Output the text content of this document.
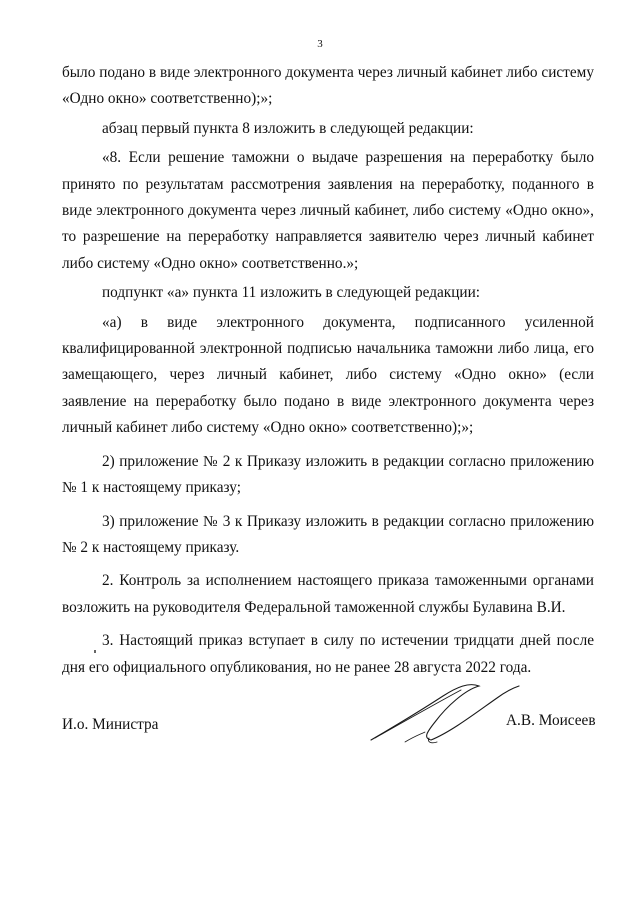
3

было подано в виде электронного документа через личный кабинет либо систему «Одно окно» соответственно);»;

абзац первый пункта 8 изложить в следующей редакции:

«8. Если решение таможни о выдаче разрешения на переработку было принято по результатам рассмотрения заявления на переработку, поданного в виде электронного документа через личный кабинет, либо систему «Одно окно», то разрешение на переработку направляется заявителю через личный кабинет либо систему «Одно окно» соответственно.»;

подпункт «а» пункта 11 изложить в следующей редакции:

«а) в виде электронного документа, подписанного усиленной квалифицированной электронной подписью начальника таможни либо лица, его замещающего, через личный кабинет, либо систему «Одно окно» (если заявление на переработку было подано в виде электронного документа через личный кабинет либо систему «Одно окно» соответственно);»;

2) приложение № 2 к Приказу изложить в редакции согласно приложению № 1 к настоящему приказу;

3) приложение № 3 к Приказу изложить в редакции согласно приложению № 2 к настоящему приказу.

2. Контроль за исполнением настоящего приказа таможенными органами возложить на руководителя Федеральной таможенной службы Булавина В.И.

3. Настоящий приказ вступает в силу по истечении тридцати дней после дня его официального опубликования, но не ранее 28 августа 2022 года.

И.о. Министра	А.В. Моисеев
